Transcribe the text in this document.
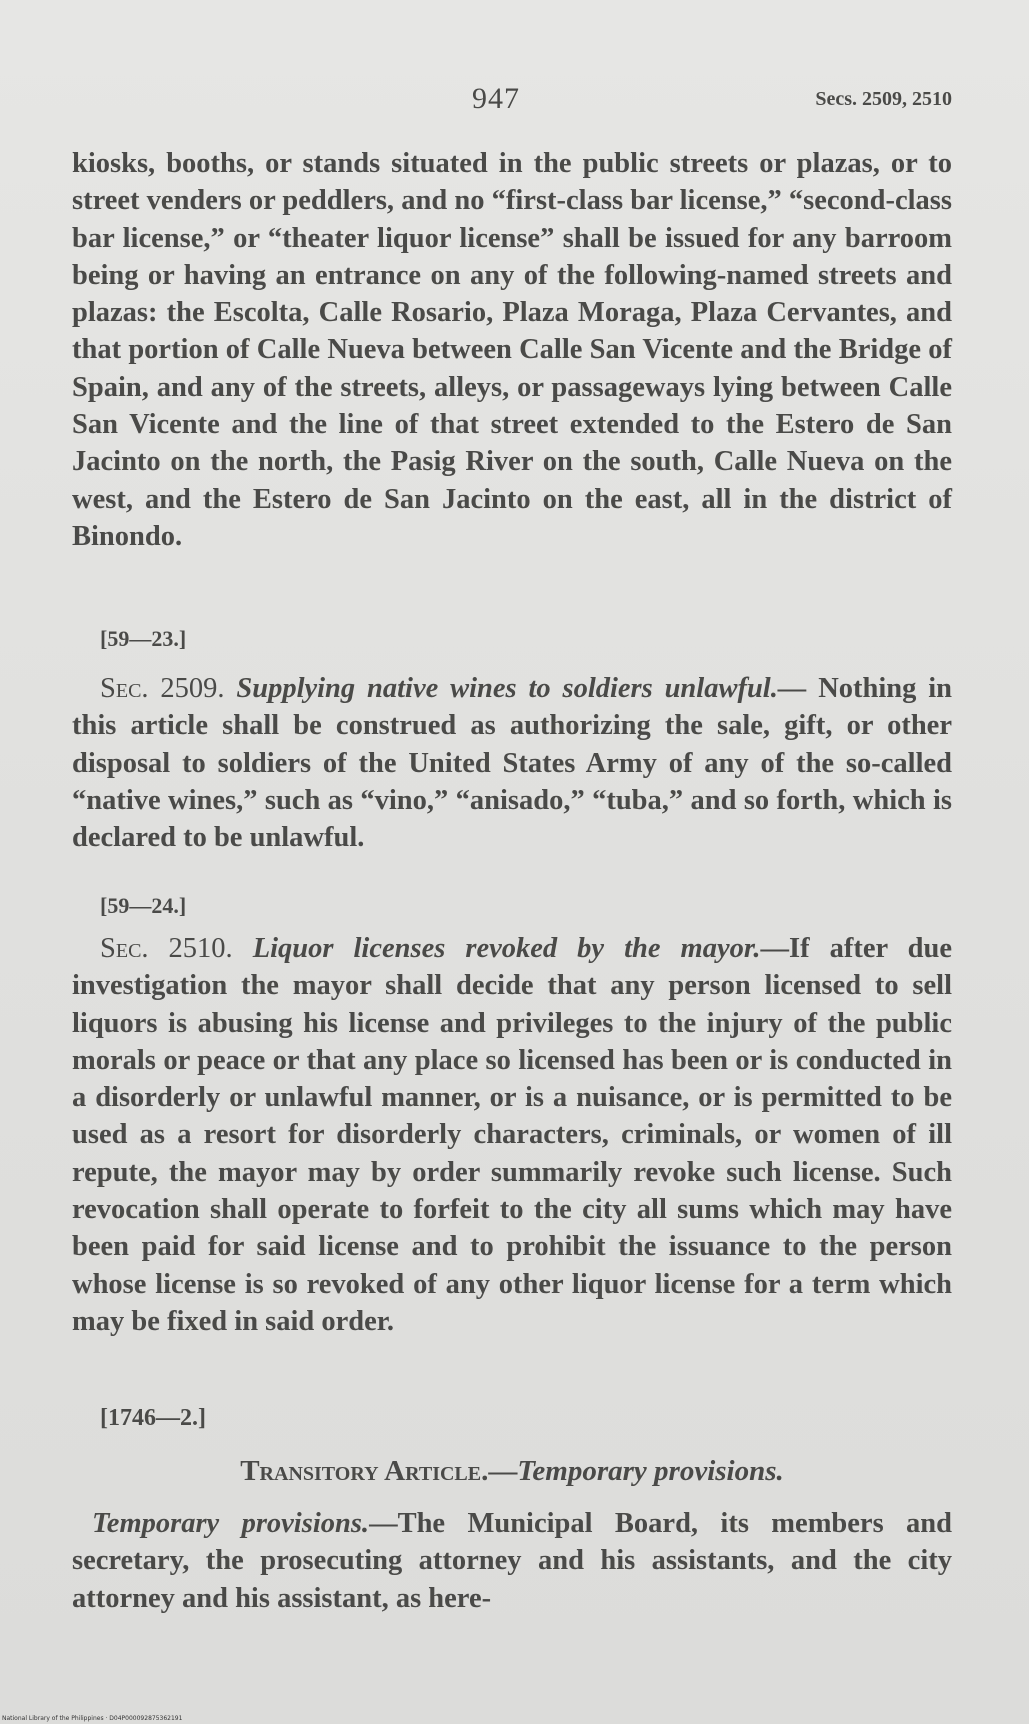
947	Secs. 2509, 2510

kiosks, booths, or stands situated in the public streets or plazas, or to street venders or peddlers, and no “first-class bar license,” “second-class bar license,” or “theater liquor license” shall be issued for any barroom being or having an entrance on any of the following-named streets and plazas: the Escolta, Calle Rosario, Plaza Moraga, Plaza Cervantes, and that portion of Calle Nueva between Calle San Vicente and the Bridge of Spain, and any of the streets, alleys, or passageways lying between Calle San Vicente and the line of that street extended to the Estero de San Jacinto on the north, the Pasig River on the south, Calle Nueva on the west, and the Estero de San Jacinto on the east, all in the district of Binondo.

[59—23.]

Sec. 2509. Supplying native wines to soldiers unlawful.— Nothing in this article shall be construed as authorizing the sale, gift, or other disposal to soldiers of the United States Army of any of the so-called “native wines,” such as “vino,” “anisado,” “tuba,” and so forth, which is declared to be unlawful.

[59—24.]

Sec. 2510. Liquor licenses revoked by the mayor.—If after due investigation the mayor shall decide that any person licensed to sell liquors is abusing his license and privileges to the injury of the public morals or peace or that any place so licensed has been or is conducted in a disorderly or unlawful manner, or is a nuisance, or is permitted to be used as a resort for disorderly characters, criminals, or women of ill repute, the mayor may by order summarily revoke such license. Such revocation shall operate to forfeit to the city all sums which may have been paid for said license and to prohibit the issuance to the person whose license is so revoked of any other liquor license for a term which may be fixed in said order.

[1746—2.]
Transitory Article.—Temporary provisions.

Temporary provisions.—The Municipal Board, its members and secretary, the prosecuting attorney and his assistants, and the city attorney and his assistant, as here-

National Library of the Philippines · D04P000092875362191
